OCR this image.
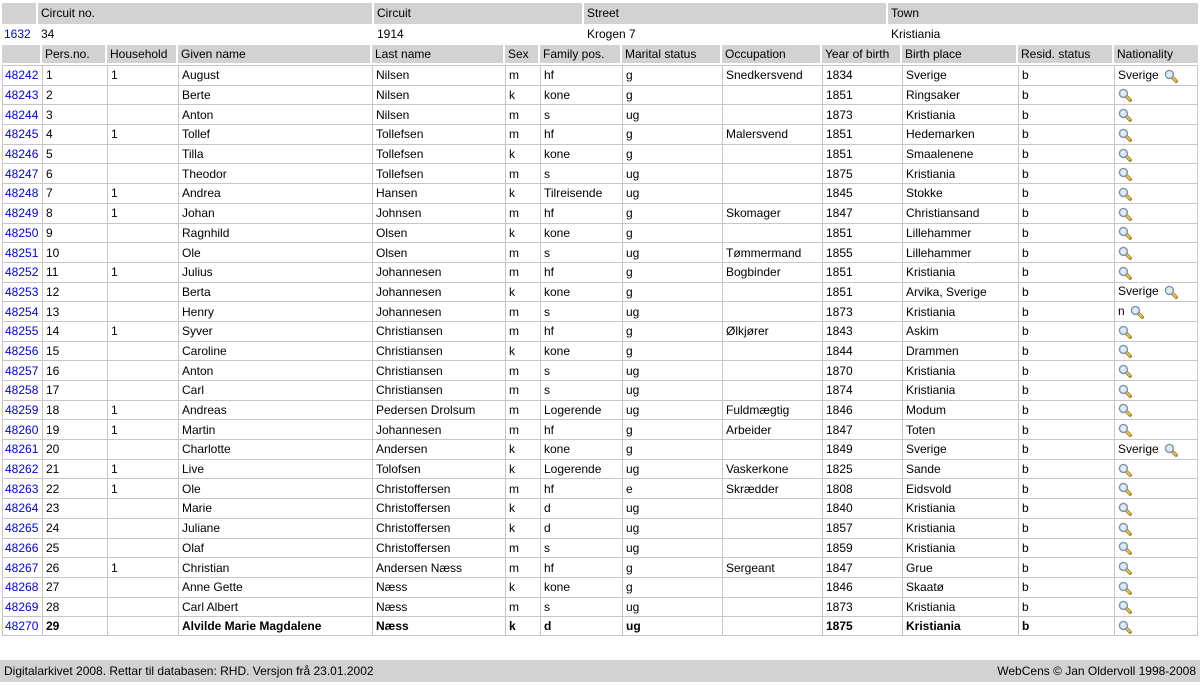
	Circuit no.	Circuit	Street	Town
1632	34	1914	Krogen 7	Kristiania
	Pers.no.	Household	Given name	Last name	Sex	Family pos.	Marital status	Occupation	Year of birth	Birth place	Resid. status	Nationality
48242	1	1	August	Nilsen	m	hf	g	Snedkersvend	1834	Sverige	b	Sverige
48243	2		Berte	Nilsen	k	kone	g		1851	Ringsaker	b	
48244	3		Anton	Nilsen	m	s	ug		1873	Kristiania	b	
48245	4	1	Tollef	Tollefsen	m	hf	g	Malersvend	1851	Hedemarken	b	
48246	5		Tilla	Tollefsen	k	kone	g		1851	Smaalenene	b	
48247	6		Theodor	Tollefsen	m	s	ug		1875	Kristiania	b	
48248	7	1	Andrea	Hansen	k	Tilreisende	ug		1845	Stokke	b	
48249	8	1	Johan	Johnsen	m	hf	g	Skomager	1847	Christiansand	b	
48250	9		Ragnhild	Olsen	k	kone	g		1851	Lillehammer	b	
48251	10		Ole	Olsen	m	s	ug	Tømmermand	1855	Lillehammer	b	
48252	11	1	Julius	Johannesen	m	hf	g	Bogbinder	1851	Kristiania	b	
48253	12		Berta	Johannesen	k	kone	g		1851	Arvika, Sverige	b	Sverige
48254	13		Henry	Johannesen	m	s	ug		1873	Kristiania	b	n
48255	14	1	Syver	Christiansen	m	hf	g	Ølkjører	1843	Askim	b	
48256	15		Caroline	Christiansen	k	kone	g		1844	Drammen	b	
48257	16		Anton	Christiansen	m	s	ug		1870	Kristiania	b	
48258	17		Carl	Christiansen	m	s	ug		1874	Kristiania	b	
48259	18	1	Andreas	Pedersen Drolsum	m	Logerende	ug	Fuldmægtig	1846	Modum	b	
48260	19	1	Martin	Johannesen	m	hf	g	Arbeider	1847	Toten	b	
48261	20		Charlotte	Andersen	k	kone	g		1849	Sverige	b	Sverige
48262	21	1	Live	Tolofsen	k	Logerende	ug	Vaskerkone	1825	Sande	b	
48263	22	1	Ole	Christoffersen	m	hf	e	Skrædder	1808	Eidsvold	b	
48264	23		Marie	Christoffersen	k	d	ug		1840	Kristiania	b	
48265	24		Juliane	Christoffersen	k	d	ug		1857	Kristiania	b	
48266	25		Olaf	Christoffersen	m	s	ug		1859	Kristiania	b	
48267	26	1	Christian	Andersen Næss	m	hf	g	Sergeant	1847	Grue	b	
48268	27		Anne Gette	Næss	k	kone	g		1846	Skaatø	b	
48269	28		Carl Albert	Næss	m	s	ug		1873	Kristiania	b	
48270	29		Alvilde Marie Magdalene	Næss	k	d	ug		1875	Kristiania	b	
Digitalarkivet 2008. Rettar til databasen: RHD. Versjon frå 23.01.2002	WebCens © Jan Oldervoll 1998-2008
